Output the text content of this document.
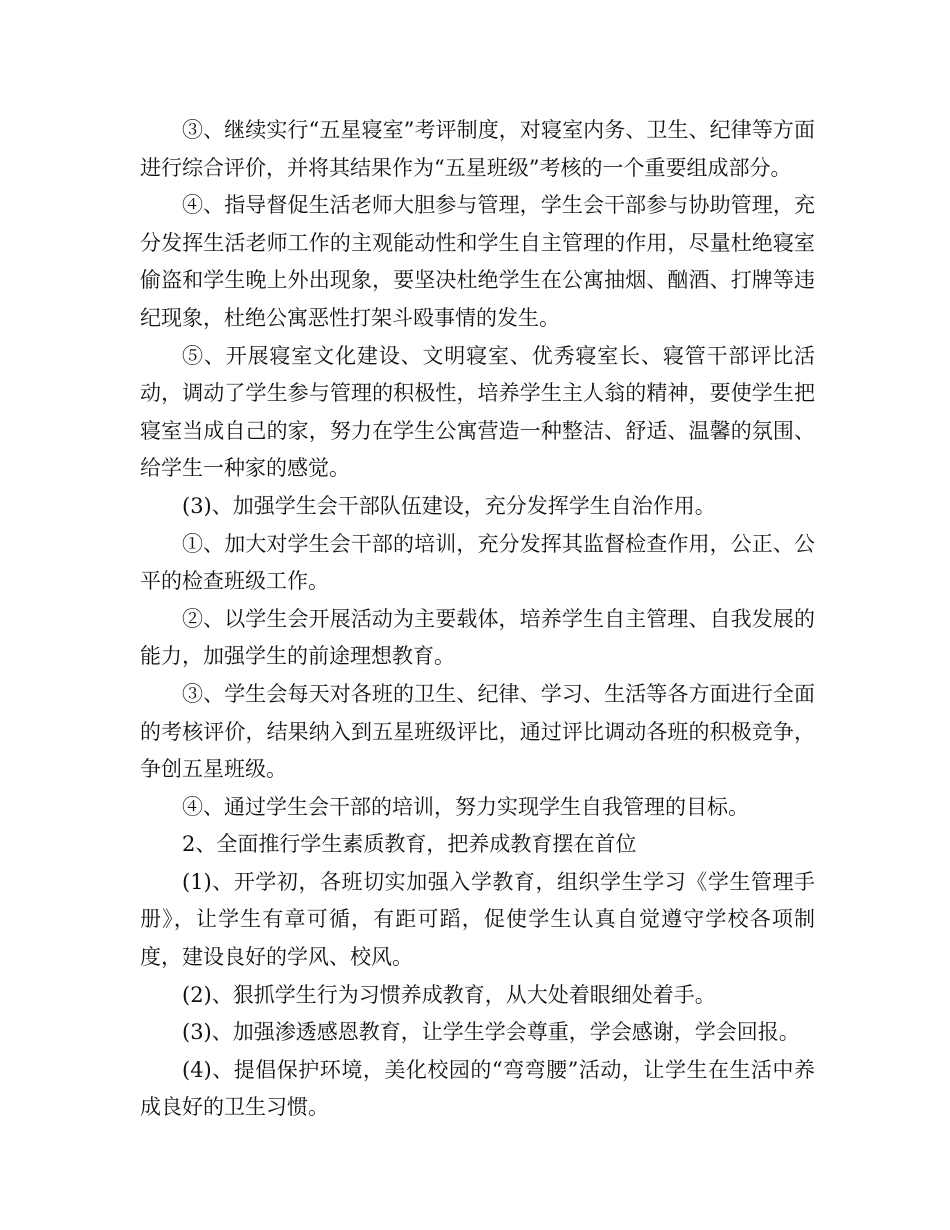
③、继续实行“五星寝室”考评制度，对寝室内务、卫生、纪律等方面进行综合评价，并将其结果作为“五星班级”考核的一个重要组成部分。

④、指导督促生活老师大胆参与管理，学生会干部参与协助管理，充分发挥生活老师工作的主观能动性和学生自主管理的作用，尽量杜绝寝室偷盗和学生晚上外出现象，要坚决杜绝学生在公寓抽烟、酗酒、打牌等违纪现象，杜绝公寓恶性打架斗殴事情的发生。

⑤、开展寝室文化建设、文明寝室、优秀寝室长、寝管干部评比活动，调动了学生参与管理的积极性，培养学生主人翁的精神，要使学生把寝室当成自己的家，努力在学生公寓营造一种整洁、舒适、温馨的氛围、给学生一种家的感觉。

(3)、加强学生会干部队伍建设，充分发挥学生自治作用。

①、加大对学生会干部的培训，充分发挥其监督检查作用，公正、公平的检查班级工作。

②、以学生会开展活动为主要载体，培养学生自主管理、自我发展的能力，加强学生的前途理想教育。

③、学生会每天对各班的卫生、纪律、学习、生活等各方面进行全面的考核评价，结果纳入到五星班级评比，通过评比调动各班的积极竞争，争创五星班级。

④、通过学生会干部的培训，努力实现学生自我管理的目标。

2、全面推行学生素质教育，把养成教育摆在首位

(1)、开学初，各班切实加强入学教育，组织学生学习《学生管理手册》，让学生有章可循，有距可蹈，促使学生认真自觉遵守学校各项制度，建设良好的学风、校风。

(2)、狠抓学生行为习惯养成教育，从大处着眼细处着手。

(3)、加强渗透感恩教育，让学生学会尊重，学会感谢，学会回报。

(4)、提倡保护环境，美化校园的“弯弯腰”活动，让学生在生活中养成良好的卫生习惯。
